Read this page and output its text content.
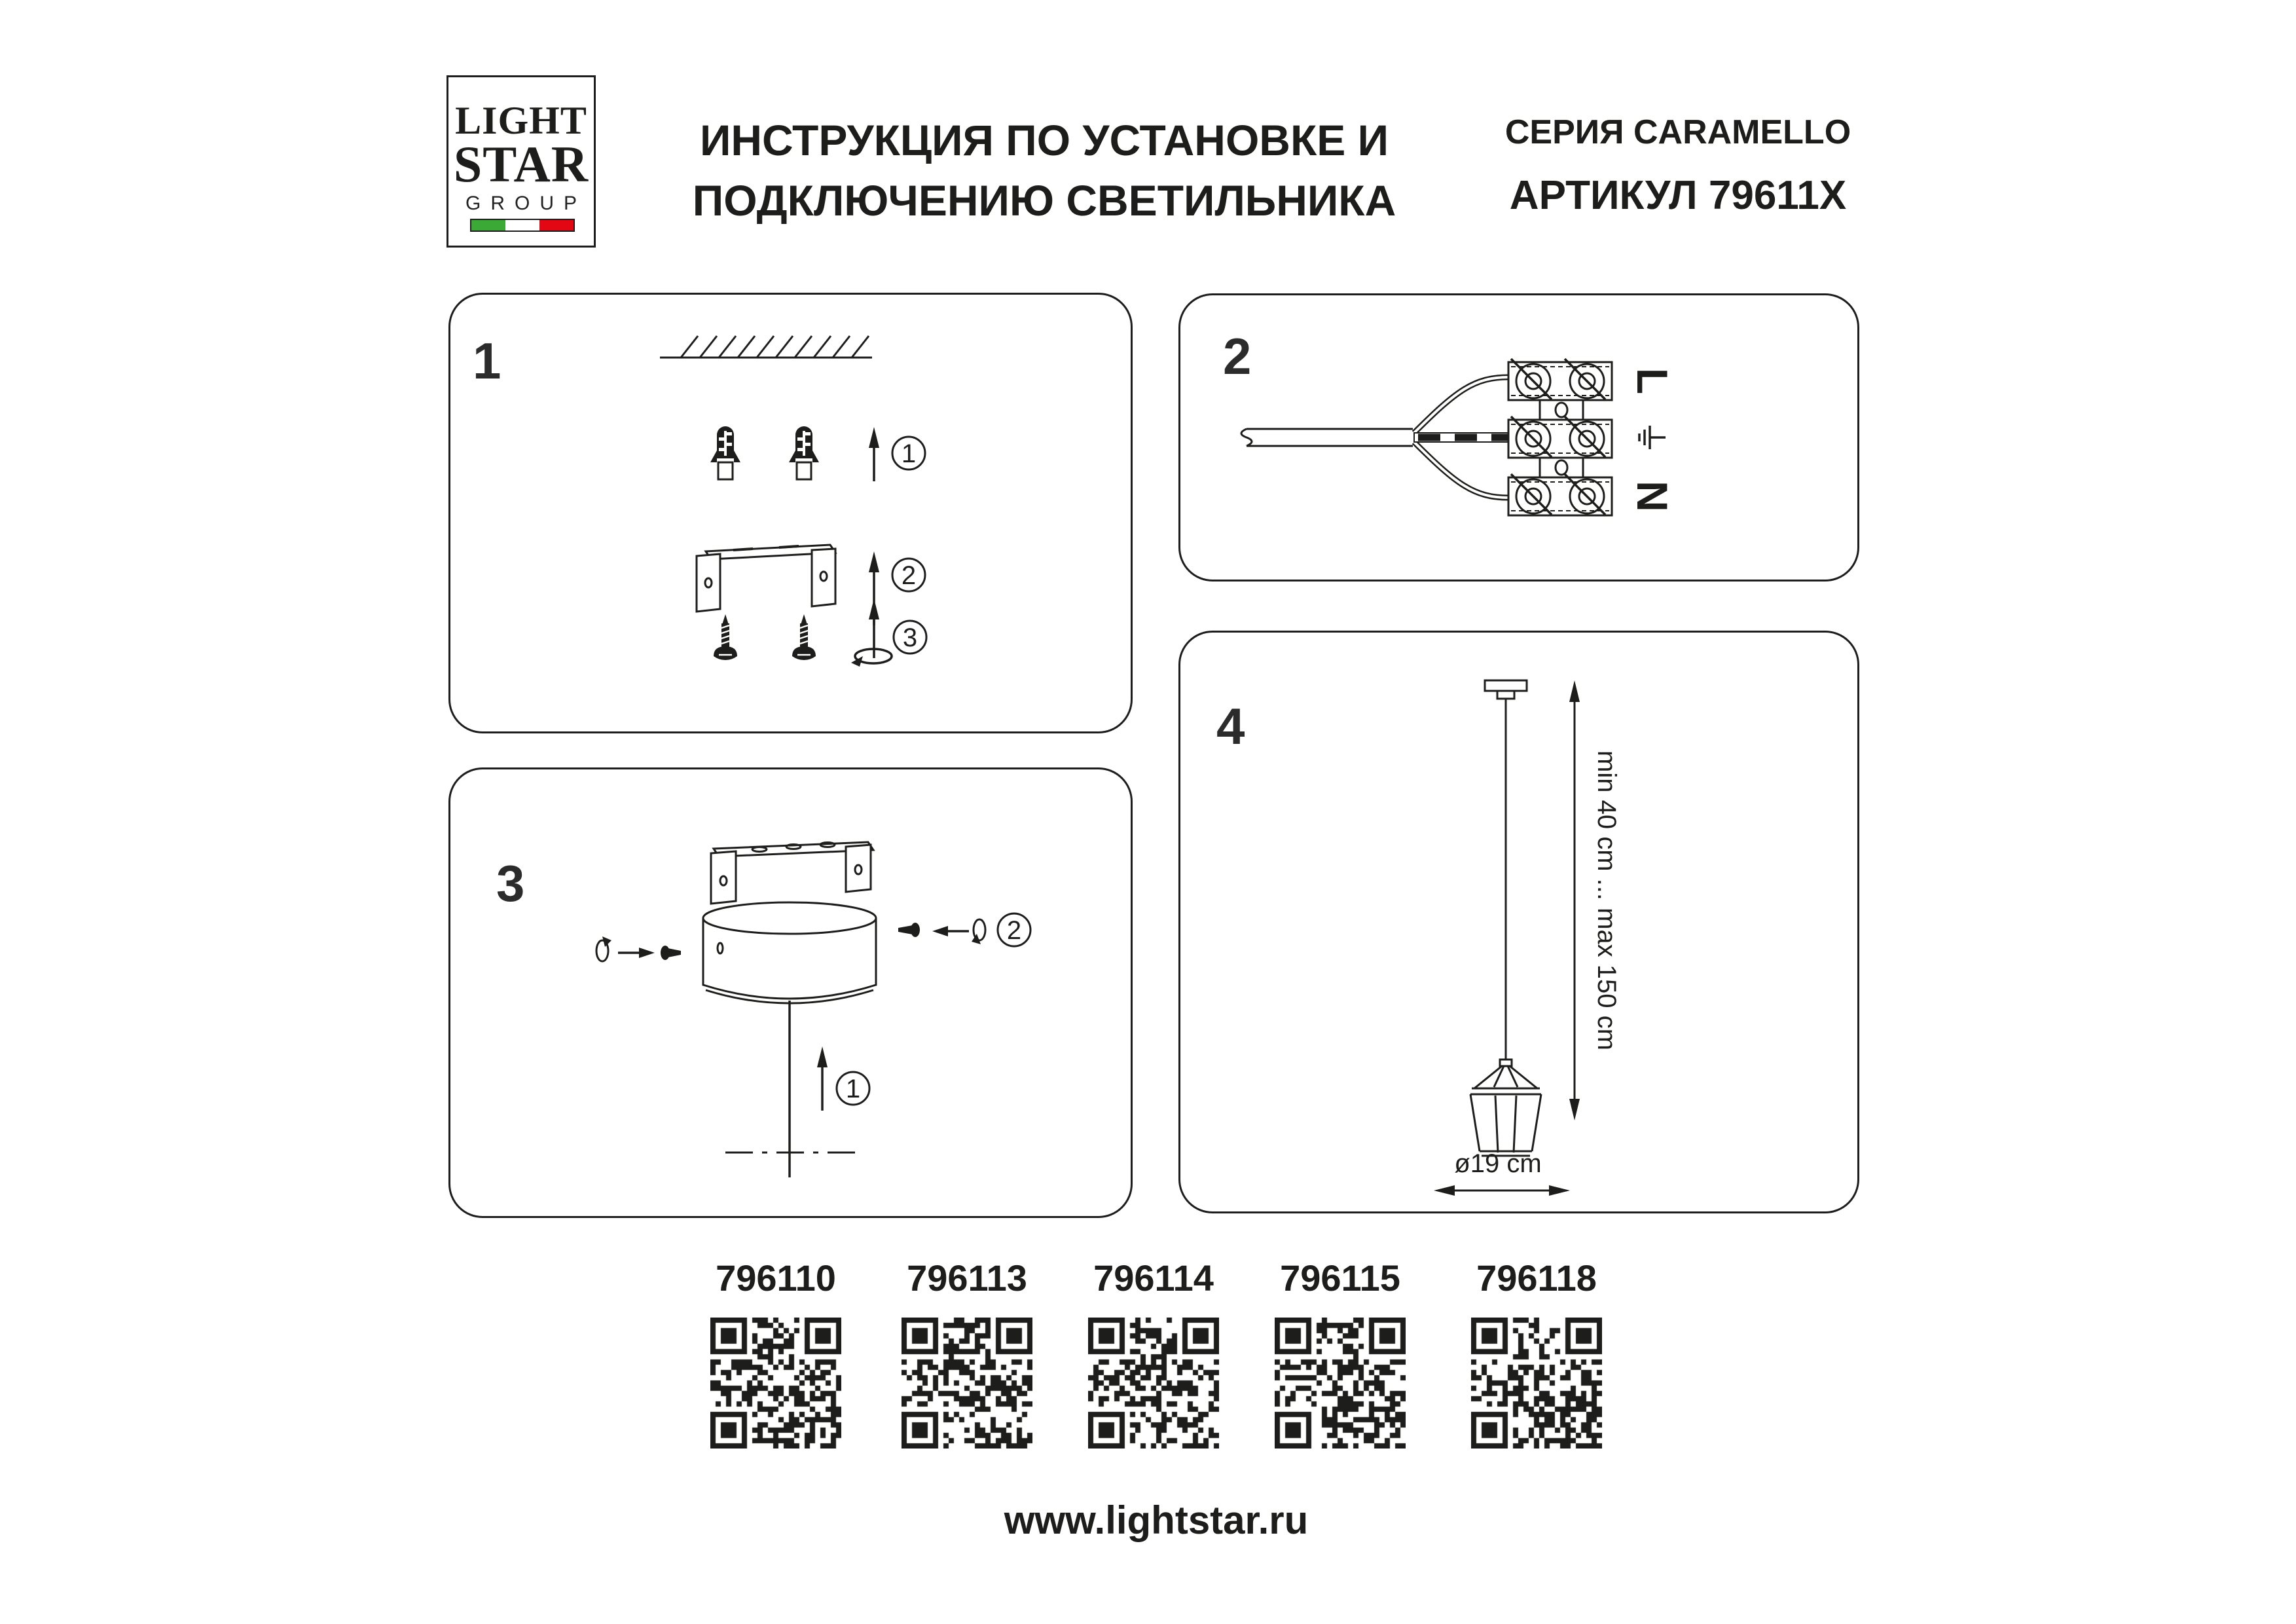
LIGHT
STAR
GROUP
ИНСТРУКЦИЯ ПО УСТАНОВКЕ И
ПОДКЛЮЧЕНИЮ СВЕТИЛЬНИКА
СЕРИЯ CARAMELLO
АРТИКУЛ 79611X
1
1
2
3
2	L
N
3
2
1
4
min 40 cm ... max 150 cm
ø19 cm
796110	796113	796114	796115	796118
www.lightstar.ru
